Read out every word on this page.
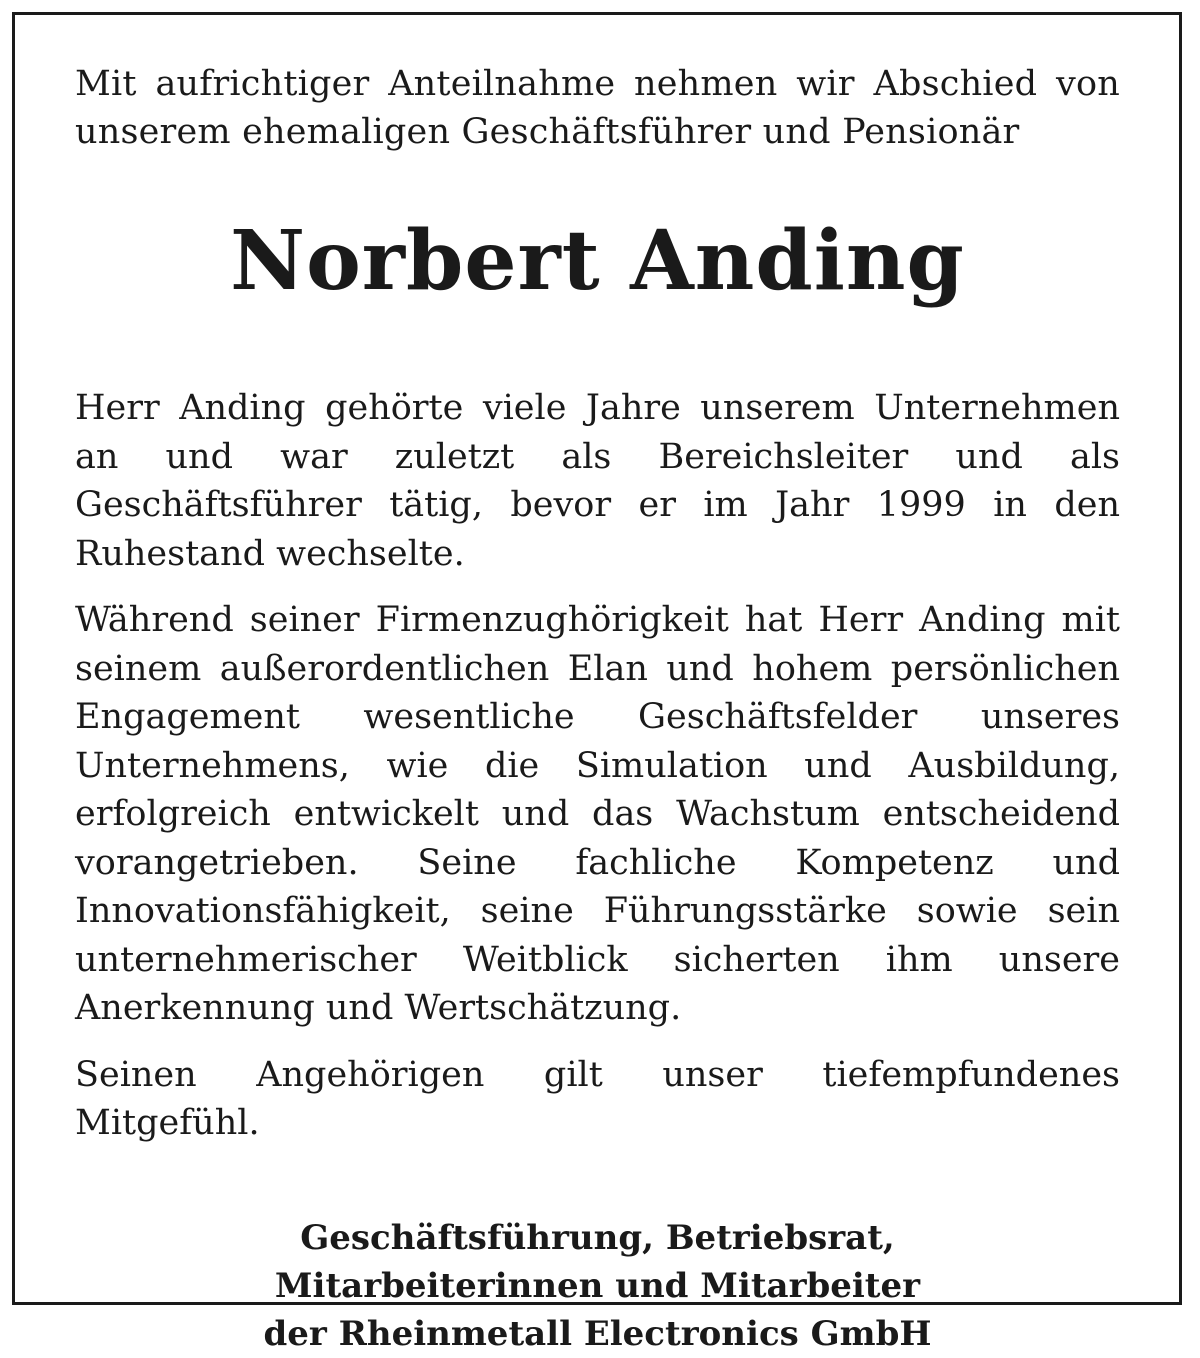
Mit aufrichtiger Anteilnahme nehmen wir Abschied von

unserem ehemaligen Geschäftsführer und Pensionär

Norbert Anding

Herr Anding gehörte viele Jahre unserem Unternehmen an und war zuletzt als Bereichsleiter und als Geschäftsführer tätig, bevor er im Jahr 1999 in den Ruhestand wechselte.

Während seiner Firmenzughörigkeit hat Herr Anding mit seinem außerordentlichen Elan und hohem persönlichen Engagement wesentliche Geschäftsfelder unseres Unternehmens, wie die Simulation und Ausbildung, erfolgreich entwickelt und das Wachstum entscheidend vorangetrieben. Seine fachliche Kompetenz und Innovationsfähigkeit, seine Führungsstärke sowie sein unternehmerischer Weitblick sicherten ihm unsere Anerkennung und Wertschätzung.

Seinen Angehörigen gilt unser tiefempfundenes Mitgefühl.

Geschäftsführung, Betriebsrat,
Mitarbeiterinnen und Mitarbeiter
der Rheinmetall Electronics GmbH
